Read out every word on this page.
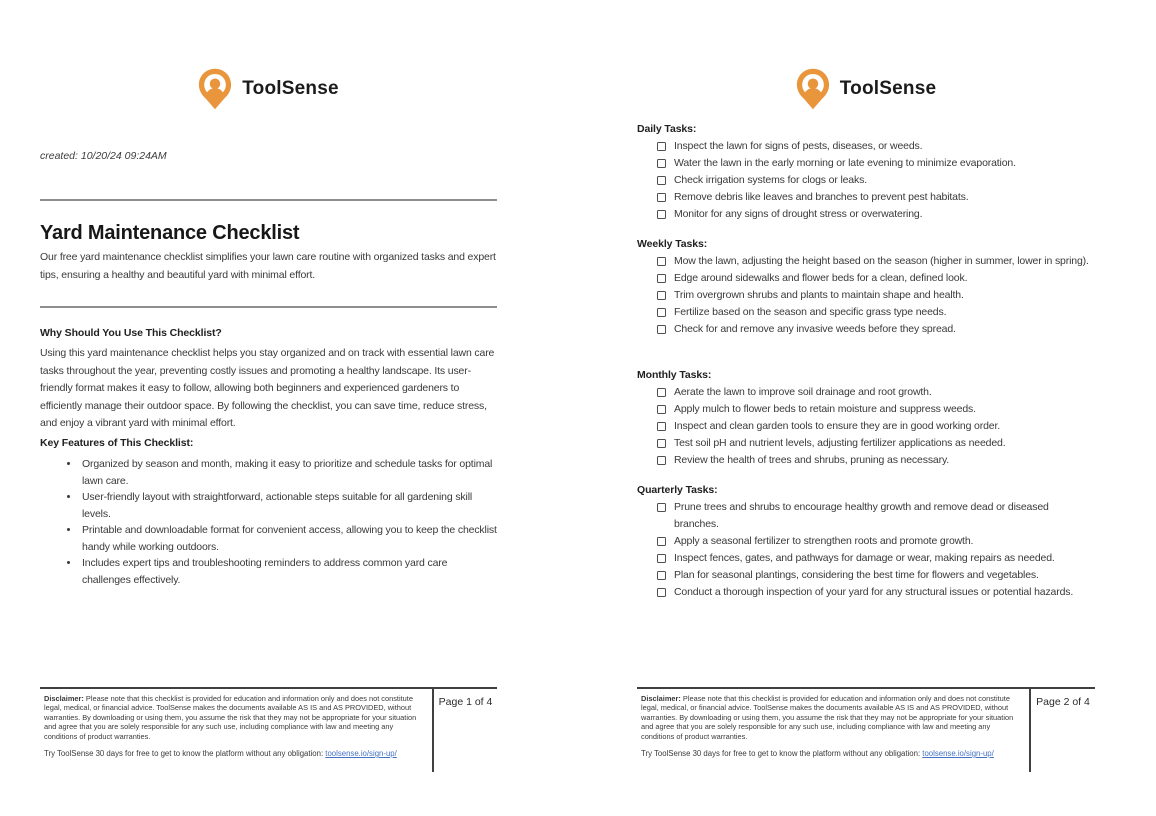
ToolSense
created: 10/20/24 09:24AM
Yard Maintenance Checklist

Our free yard maintenance checklist simplifies your lawn care routine with organized tasks and expert tips, ensuring a healthy and beautiful yard with minimal effort.

Why Should You Use This Checklist?

Using this yard maintenance checklist helps you stay organized and on track with essential lawn care tasks throughout the year, preventing costly issues and promoting a healthy landscape. Its user-friendly format makes it easy to follow, allowing both beginners and experienced gardeners to efficiently manage their outdoor space. By following the checklist, you can save time, reduce stress, and enjoy a vibrant yard with minimal effort.

Key Features of This Checklist:
• Organized by season and month, making it easy to prioritize and schedule tasks for optimal lawn care.
• User-friendly layout with straightforward, actionable steps suitable for all gardening skill levels.
• Printable and downloadable format for convenient access, allowing you to keep the checklist handy while working outdoors.
• Includes expert tips and troubleshooting reminders to address common yard care challenges effectively.

Disclaimer: Please note that this checklist is provided for education and information only and does not constitute legal, medical, or financial advice. ToolSense makes the documents available AS IS and AS PROVIDED, without warranties. By downloading or using them, you assume the risk that they may not be appropriate for your situation and agree that you are solely responsible for any such use, including compliance with law and meeting any conditions of product warranties.

Try ToolSense 30 days for free to get to know the platform without any obligation: toolsense.io/sign-up/

Page 1 of 4
ToolSense
Daily Tasks:
Inspect the lawn for signs of pests, diseases, or weeds.
Water the lawn in the early morning or late evening to minimize evaporation.
Check irrigation systems for clogs or leaks.
Remove debris like leaves and branches to prevent pest habitats.
Monitor for any signs of drought stress or overwatering.
Weekly Tasks:
Mow the lawn, adjusting the height based on the season (higher in summer, lower in spring).
Edge around sidewalks and flower beds for a clean, defined look.
Trim overgrown shrubs and plants to maintain shape and health.
Fertilize based on the season and specific grass type needs.
Check for and remove any invasive weeds before they spread.
Monthly Tasks:
Aerate the lawn to improve soil drainage and root growth.
Apply mulch to flower beds to retain moisture and suppress weeds.
Inspect and clean garden tools to ensure they are in good working order.
Test soil pH and nutrient levels, adjusting fertilizer applications as needed.
Review the health of trees and shrubs, pruning as necessary.
Quarterly Tasks:
Prune trees and shrubs to encourage healthy growth and remove dead or diseased branches.
Apply a seasonal fertilizer to strengthen roots and promote growth.
Inspect fences, gates, and pathways for damage or wear, making repairs as needed.
Plan for seasonal plantings, considering the best time for flowers and vegetables.
Conduct a thorough inspection of your yard for any structural issues or potential hazards.

Disclaimer: Please note that this checklist is provided for education and information only and does not constitute legal, medical, or financial advice. ToolSense makes the documents available AS IS and AS PROVIDED, without warranties. By downloading or using them, you assume the risk that they may not be appropriate for your situation and agree that you are solely responsible for any such use, including compliance with law and meeting any conditions of product warranties.

Try ToolSense 30 days for free to get to know the platform without any obligation: toolsense.io/sign-up/

Page 2 of 4
